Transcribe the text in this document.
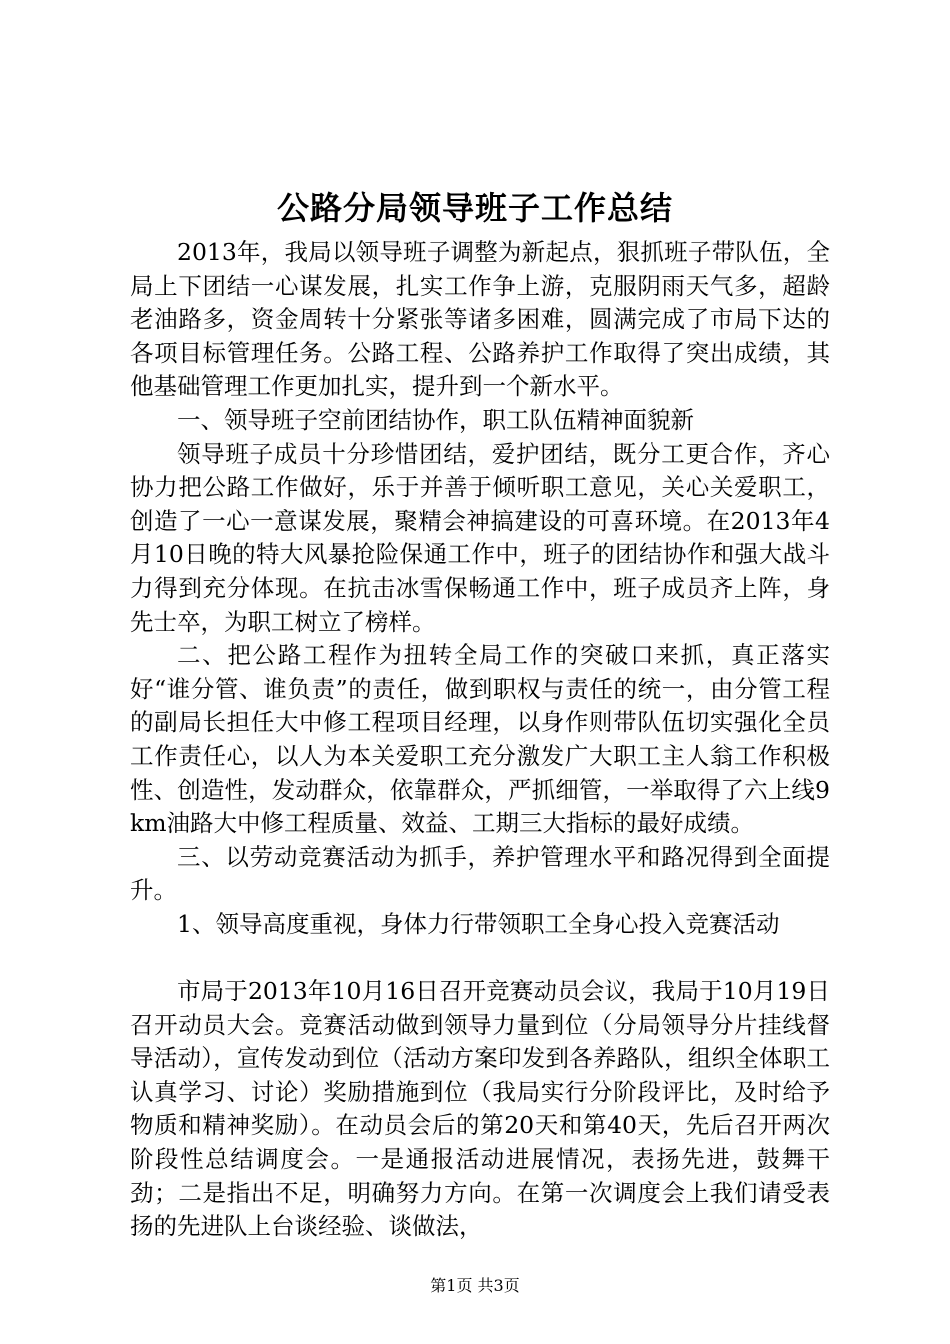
公路分局领导班子工作总结

2013年，我局以领导班子调整为新起点，狠抓班子带队伍，全局上下团结一心谋发展，扎实工作争上游，克服阴雨天气多，超龄老油路多，资金周转十分紧张等诸多困难，圆满完成了市局下达的各项目标管理任务。公路工程、公路养护工作取得了突出成绩，其他基础管理工作更加扎实，提升到一个新水平。

一、领导班子空前团结协作，职工队伍精神面貌新

领导班子成员十分珍惜团结，爱护团结，既分工更合作，齐心协力把公路工作做好，乐于并善于倾听职工意见，关心关爱职工，创造了一心一意谋发展，聚精会神搞建设的可喜环境。在2013年4月10日晚的特大风暴抢险保通工作中，班子的团结协作和强大战斗力得到充分体现。在抗击冰雪保畅通工作中，班子成员齐上阵，身先士卒，为职工树立了榜样。

二、把公路工程作为扭转全局工作的突破口来抓，真正落实好“谁分管、谁负责”的责任，做到职权与责任的统一，由分管工程的副局长担任大中修工程项目经理，以身作则带队伍切实强化全员工作责任心，以人为本关爱职工充分激发广大职工主人翁工作积极性、创造性，发动群众，依靠群众，严抓细管，一举取得了六上线9km油路大中修工程质量、效益、工期三大指标的最好成绩。

三、以劳动竞赛活动为抓手，养护管理水平和路况得到全面提升。

1、领导高度重视，身体力行带领职工全身心投入竞赛活动

市局于2013年10月16日召开竞赛动员会议，我局于10月19日召开动员大会。竞赛活动做到领导力量到位（分局领导分片挂线督导活动），宣传发动到位（活动方案印发到各养路队，组织全体职工认真学习、讨论）奖励措施到位（我局实行分阶段评比，及时给予物质和精神奖励）。在动员会后的第20天和第40天，先后召开两次阶段性总结调度会。一是通报活动进展情况，表扬先进，鼓舞干劲；二是指出不足，明确努力方向。在第一次调度会上我们请受表扬的先进队上台谈经验、谈做法，

第1页 共3页
